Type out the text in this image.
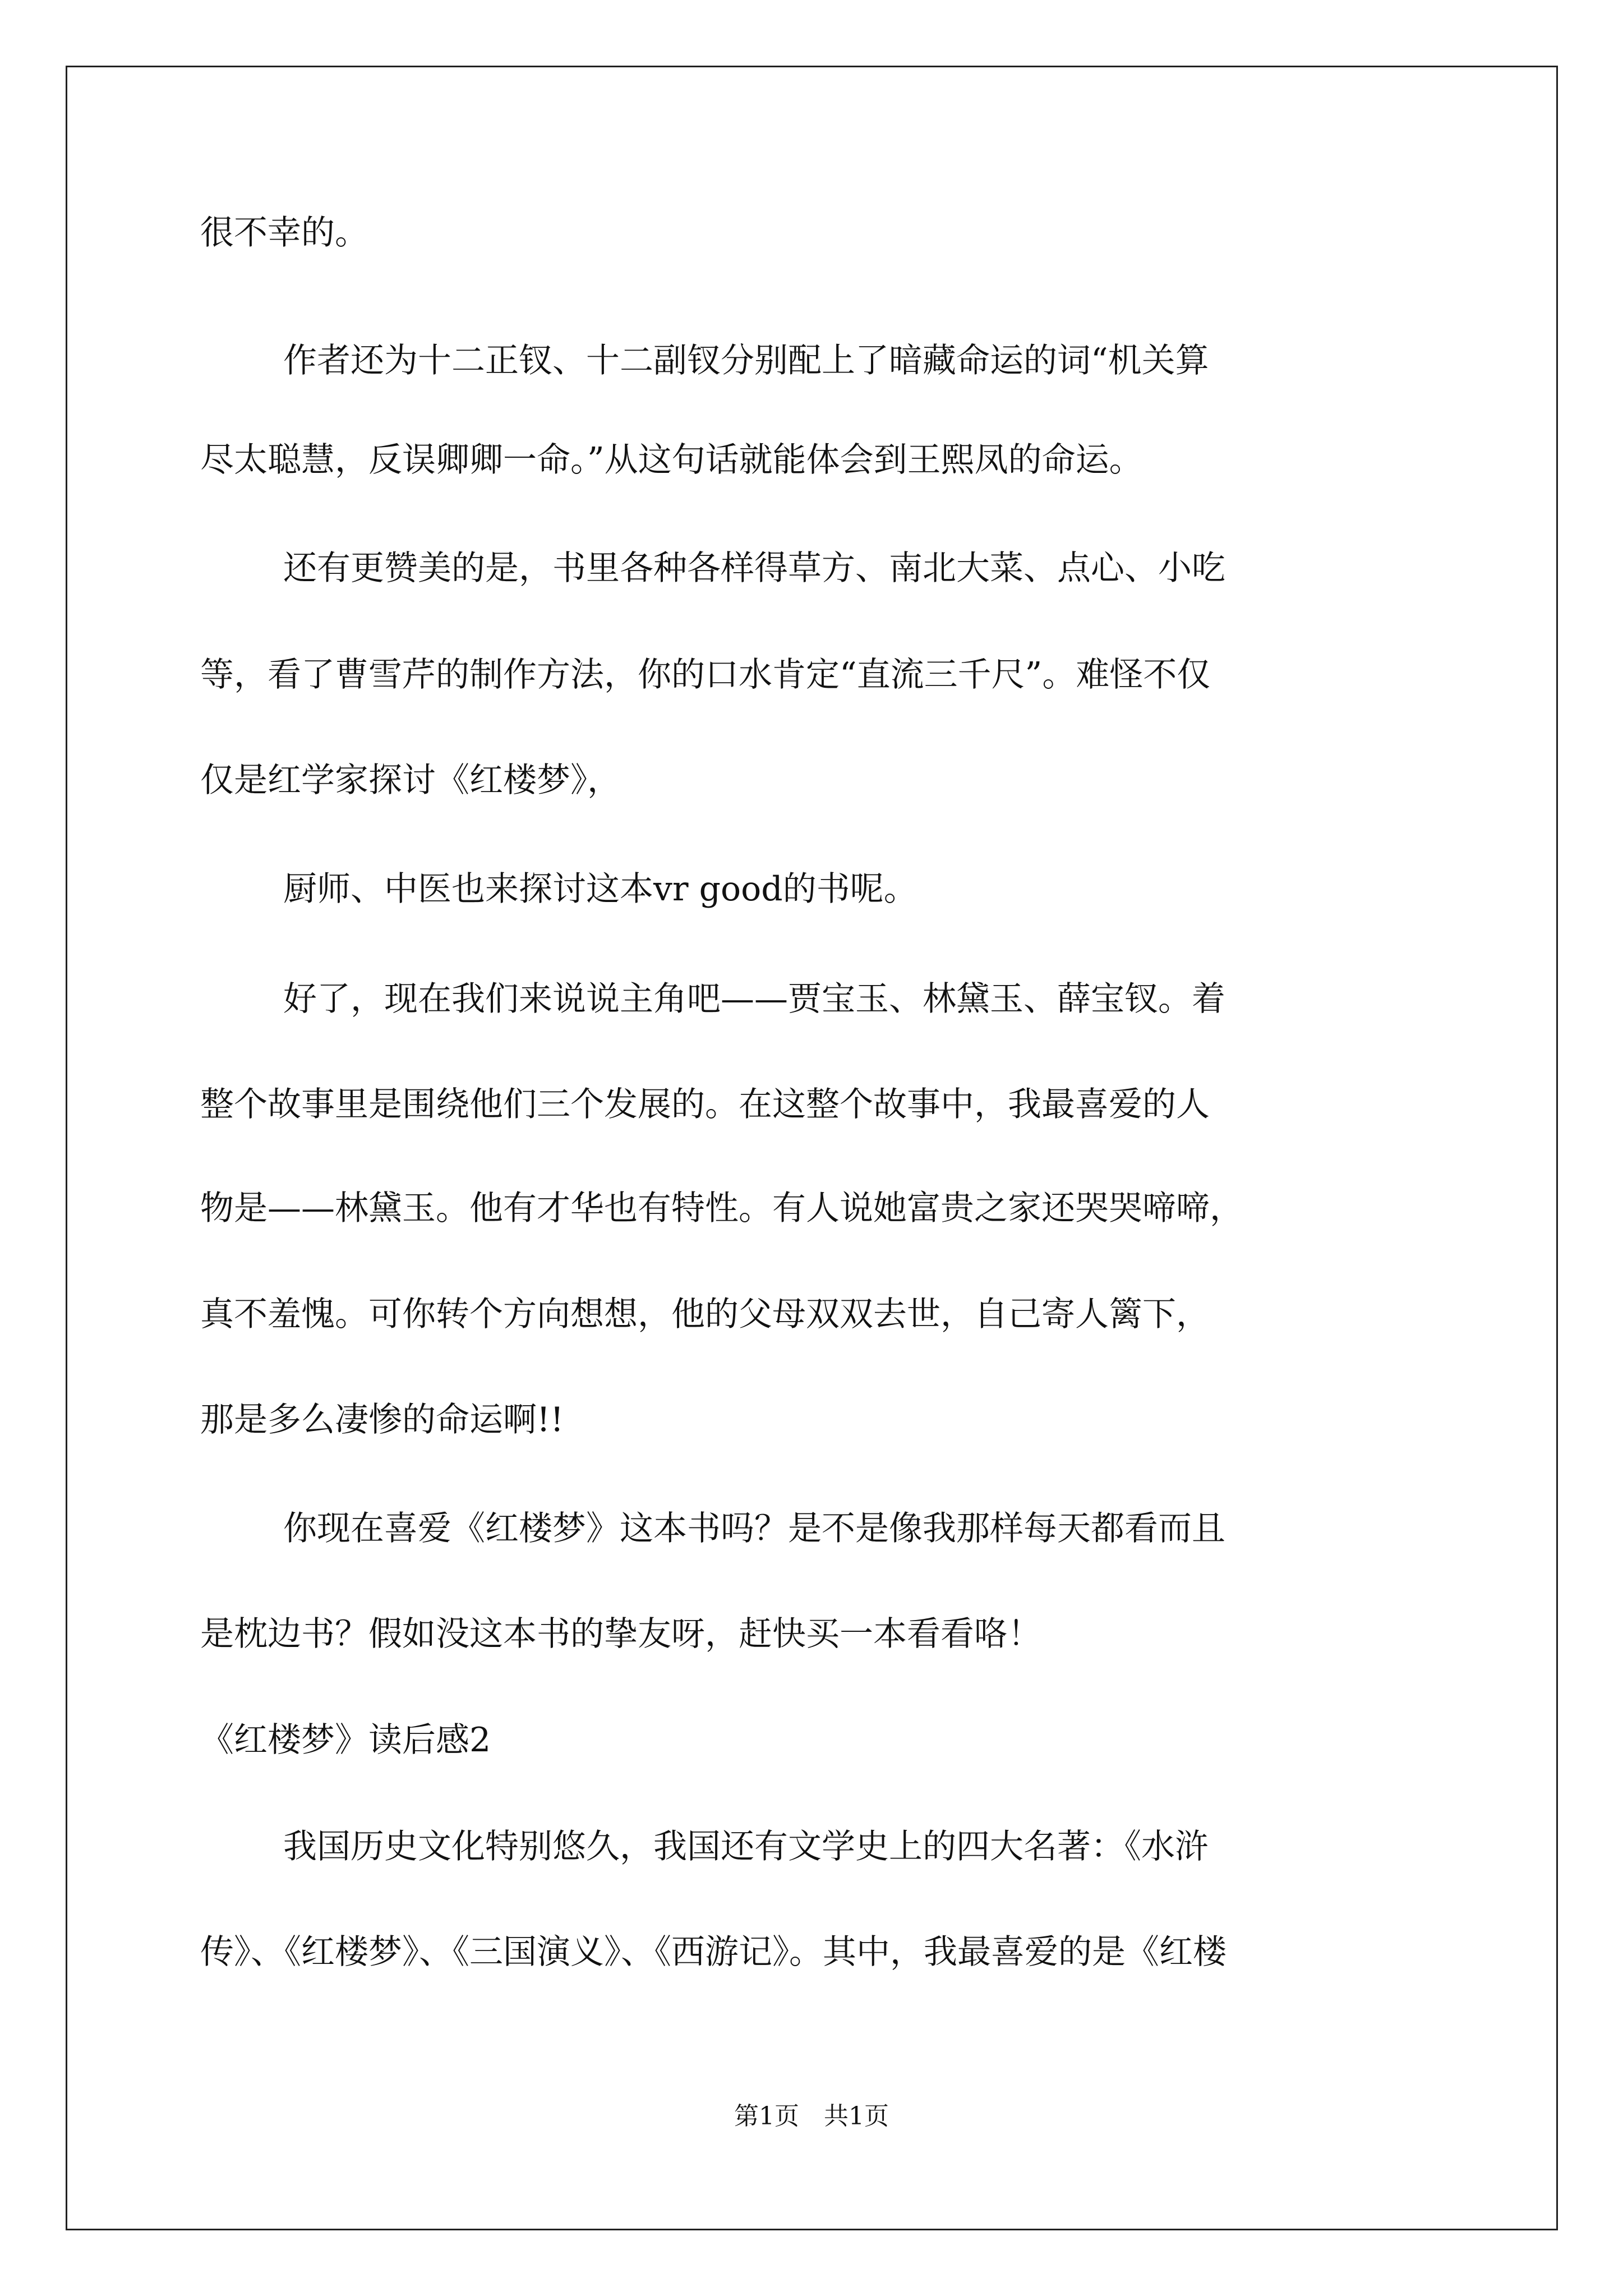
很不幸的。
作者还为十二正钗、十二副钗分别配上了暗藏命运的词“机关算
尽太聪慧，反误卿卿一命。”从这句话就能体会到王熙凤的命运。
还有更赞美的是，书里各种各样得草方、南北大菜、点心、小吃
等，看了曹雪芹的制作方法，你的口水肯定“直流三千尺”。难怪不仅
仅是红学家探讨《红楼梦》，
厨师、中医也来探讨这本vr good的书呢。
好了，现在我们来说说主角吧——贾宝玉、林黛玉、薛宝钗。着
整个故事里是围绕他们三个发展的。在这整个故事中，我最喜爱的人
物是——林黛玉。他有才华也有特性。有人说她富贵之家还哭哭啼啼，
真不羞愧。可你转个方向想想，他的父母双双去世，自己寄人篱下，
那是多么凄惨的命运啊!!
你现在喜爱《红楼梦》这本书吗？是不是像我那样每天都看而且
是枕边书？假如没这本书的挚友呀，赶快买一本看看咯！
《红楼梦》读后感2
我国历史文化特别悠久，我国还有文学史上的四大名著：《水浒
传》、《红楼梦》、《三国演义》、《西游记》。其中，我最喜爱的是《红楼
第1页 共1页
